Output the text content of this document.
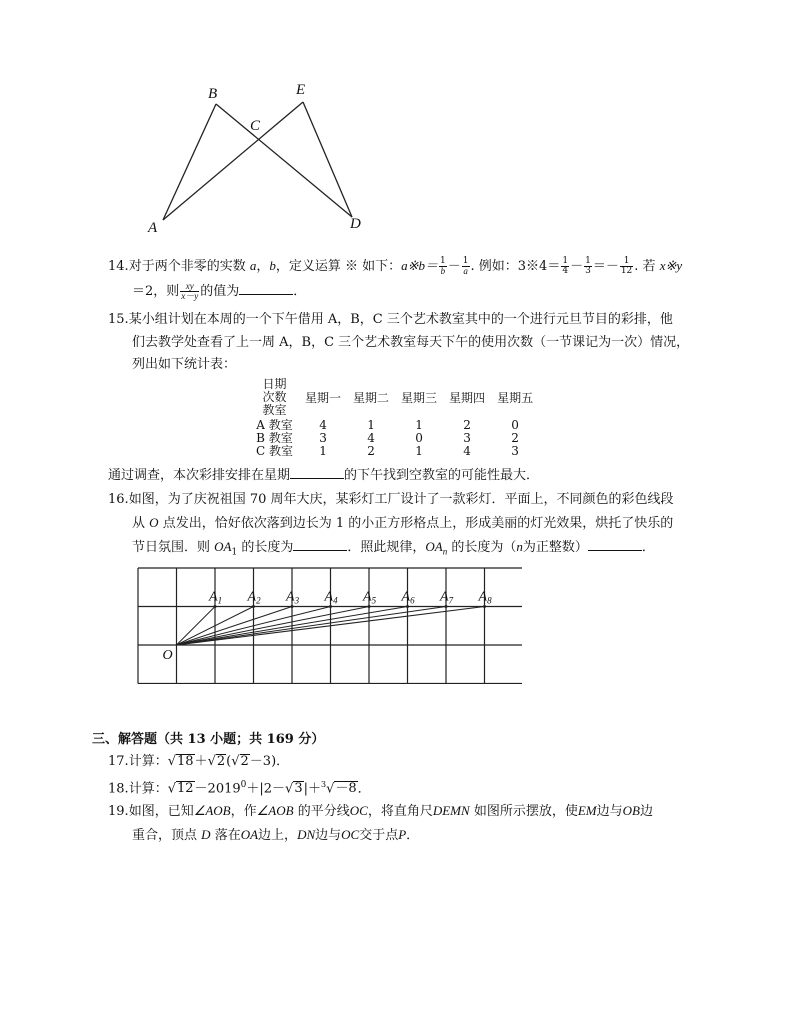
A
B
C
D
E
14.对于两个非零的实数 a，b，定义运算 ※ 如下：a※b＝ $\frac{1}{b} - \frac{1}{a}$ . 例如：3※4＝ $\frac{1}{4} - \frac{1}{3} =- \frac{1}{12}$ . 若 x※y
＝2，则 $\frac{xy}{x-y}$ 的值为	．
15.某小组计划在本周的一个下午借用 A，B，C 三个艺术教室其中的一个进行元旦节目的彩排，他
们去教学处查看了上一周 A，B，C 三个艺术教室每天下午的使用次数（一节课记为一次）情况，
列出如下统计表：
日期
次数
教室	星期一	星期二	星期三	星期四	星期五
A 教室	4	1	1	2	0
B 教室	3	4	0	3	2
C 教室	1	2	1	4	3
通过调查，本次彩排安排在星期	的下午找到空教室的可能性最大．
16.如图，为了庆祝祖国 70 周年大庆，某彩灯工厂设计了一款彩灯．平面上，不同颜色的彩色线段
从 O 点发出，恰好依次落到边长为 1 的小正方形格点上，形成美丽的灯光效果，烘托了快乐的
节日氛围．则 $OA_1$ 的长度为	．照此规律，$OA_n$ 的长度为（n为正整数）	．
$A_1$ $A_2$ $A_3$ $A_4$ $A_5$ $A_6$ $A_7$ $A_8$
O
三、解答题（共 13 小题；共 169 分）
17.计算：√18＋√2(√2－3)．
18.计算：$√12-2019^0+|2-√3|+^3√-8$．
19.如图，已知∠AOB，作∠AOB 的平分线OC，将直角尺DEMN 如图所示摆放，使EM边与OB边
重合，顶点 D 落在OA边上，DN边与OC交于点P．
